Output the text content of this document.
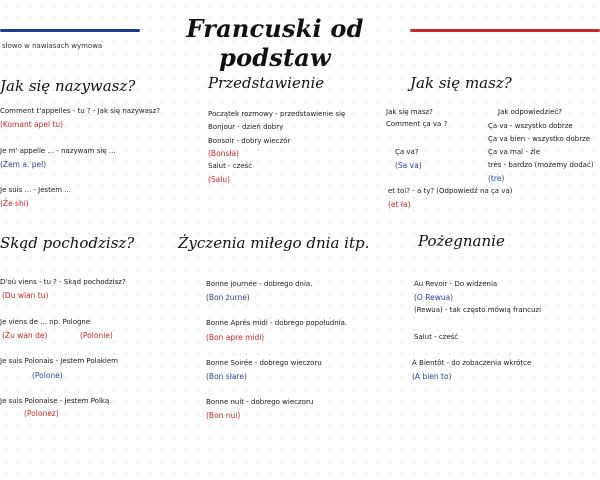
Francuski od podstaw
słowo w nawiasach wymowa
Jak się nazywasz?
Comment t'appelles - tu ? - Jak się nazywasz?
(Komant apel tu)
Je m' appelle ... - nazywam się ...
(Żem a. pel)
Je suis ... - Jestem ...
(Że shi)
Przedstawienie
Początek rozmowy - przedstawienie się
Bonjour - dzień dobry
Bonsoir - dobry wieczór
(Bonsła)
Salut - cześć
(Salu)
Jak się masz?
Jak się masz?
Comment ça va ?
Ça va?
(Sa va)
Jak odpowiedzieć?
Ça va - wszystko dobrze
Ça va bien - wszystko dobrze
Ça va mal - źle
très - bardzo (możemy dodać)
(tre)
et toi? - a ty? (Odpowiedź na ça va)
(et ła)
Skąd pochodzisz?
D'où viens - tu ? - Skąd pochodzisz?
(Du wian tu)
Je viens de ... np. Pologne
(Żu wan de)	(Polonie)
Je suis Polonais - Jestem Polakiem
(Polone)
Je suis Polonaise - Jestem Polką
(Polonez)
Życzenia miłego dnia itp.
Bonne journée - dobrego dnia.
(Bon żurne)
Bonne Après midi - dobrego popołudnia.
(Bon apre midi)
Bonne Soirée - dobrego wieczoru
(Bon słare)
Bonne nuit - dobrego wieczoru
(Bon nui)
Pożegnanie
Au Revoir - Do widzenia
(O Rewua)
(Rewua) - tak często mówią francuzi
Salut - cześć
À Bientôt - do zobaczenia wkrótce
(A bien to)
